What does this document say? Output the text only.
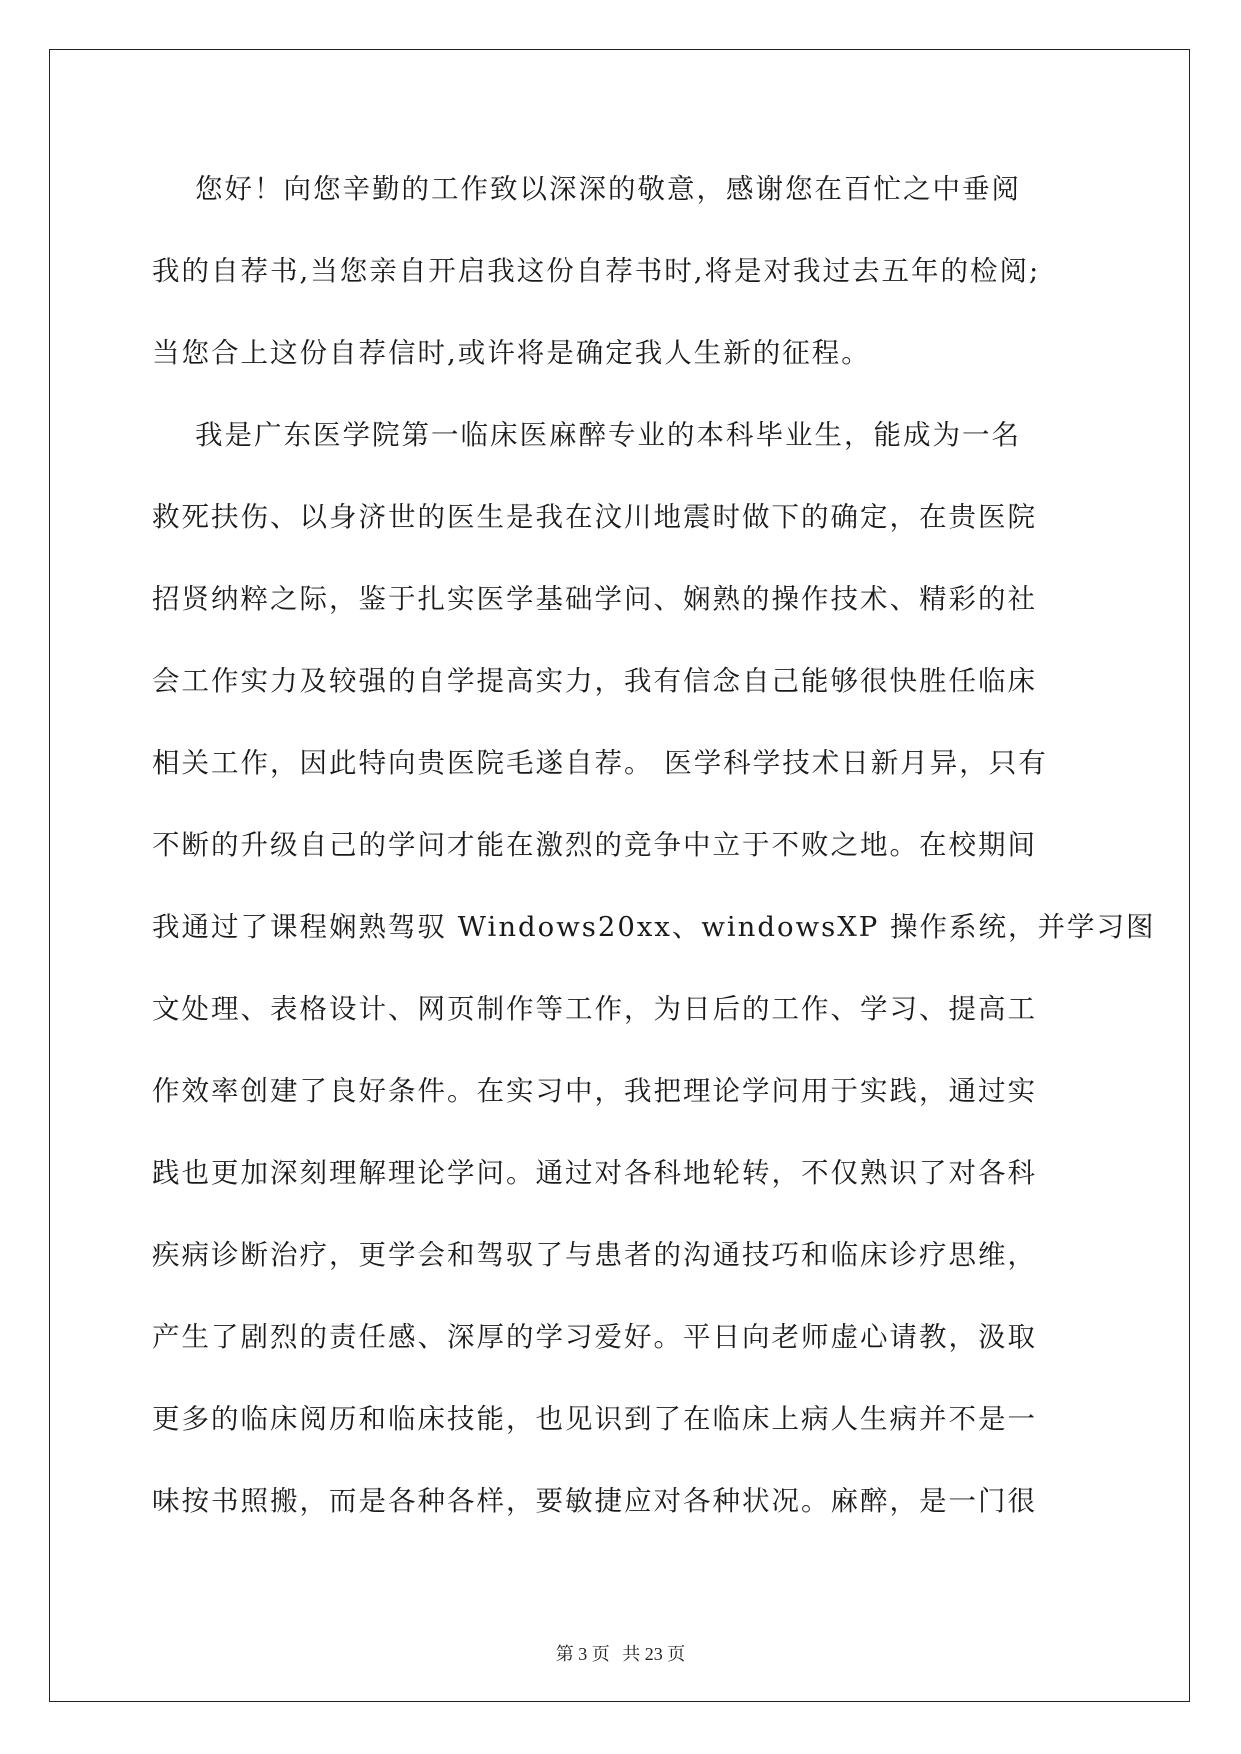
您好！向您辛勤的工作致以深深的敬意，感谢您在百忙之中垂阅
我的自荐书,当您亲自开启我这份自荐书时,将是对我过去五年的检阅;
当您合上这份自荐信时,或许将是确定我人生新的征程。
我是广东医学院第一临床医麻醉专业的本科毕业生，能成为一名
救死扶伤、以身济世的医生是我在汶川地震时做下的确定，在贵医院
招贤纳粹之际，鉴于扎实医学基础学问、娴熟的操作技术、精彩的社
会工作实力及较强的自学提高实力，我有信念自己能够很快胜任临床
相关工作，因此特向贵医院毛遂自荐。 医学科学技术日新月异，只有
不断的升级自己的学问才能在激烈的竞争中立于不败之地。在校期间
我通过了课程娴熟驾驭 Windows20xx、windowsXP 操作系统，并学习图
文处理、表格设计、网页制作等工作，为日后的工作、学习、提高工
作效率创建了良好条件。在实习中，我把理论学问用于实践，通过实
践也更加深刻理解理论学问。通过对各科地轮转，不仅熟识了对各科
疾病诊断治疗，更学会和驾驭了与患者的沟通技巧和临床诊疗思维，
产生了剧烈的责任感、深厚的学习爱好。平日向老师虚心请教，汲取
更多的临床阅历和临床技能，也见识到了在临床上病人生病并不是一
味按书照搬，而是各种各样，要敏捷应对各种状况。麻醉，是一门很
第 3 页 共 23 页
